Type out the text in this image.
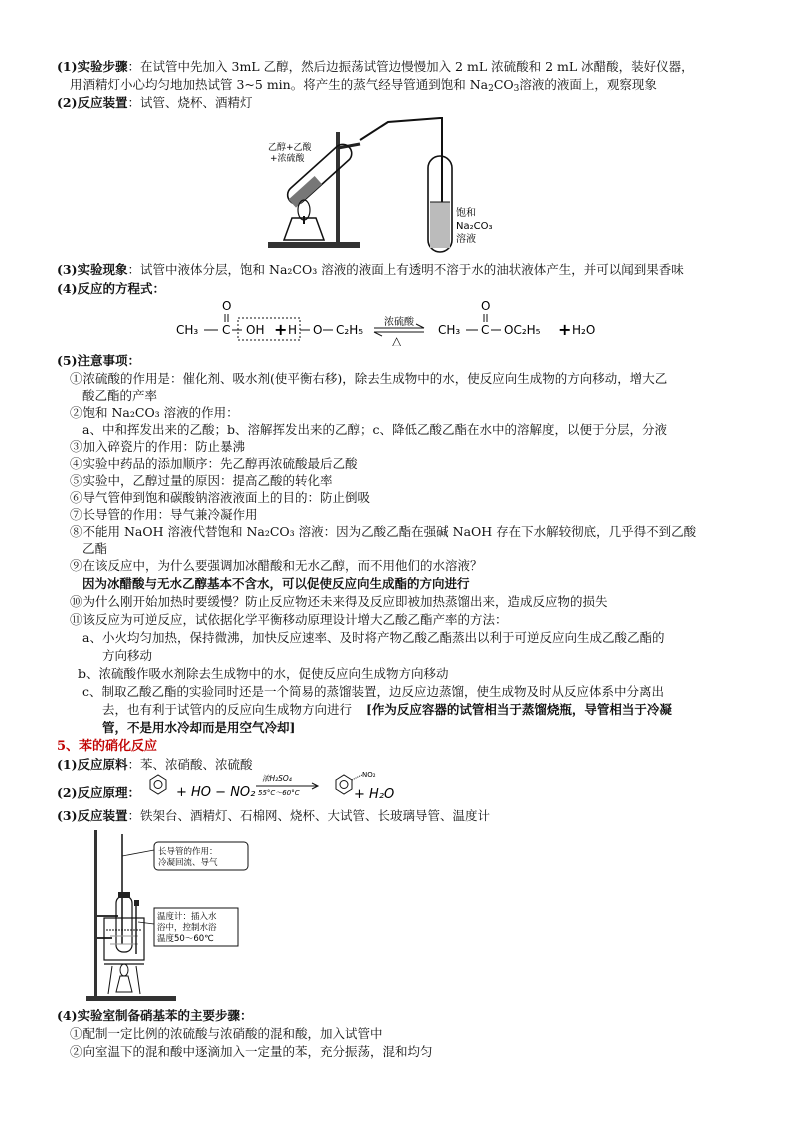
(1)实验步骤：在试管中先加入 3mL 乙醇，然后边振荡试管边慢慢加入 2 mL 浓硫酸和 2 mL 冰醋酸，装好仪器，
用酒精灯小心均匀地加热试管 3~5 min。将产生的蒸气经导管通到饱和 $Na_2CO_3$溶液的液面上，观察现象
(2)反应装置：试管、烧杯、酒精灯
乙醇+乙酸
+浓硫酸
饱和
Na₂CO₃
溶液
(3)实验现象：试管中液体分层，饱和 Na₂CO₃ 溶液的液面上有透明不溶于水的油状液体产生，并可以闻到果香味
(4)反应的方程式：
CH₃ C
O
OH + H O C₂H₅
浓硫酸
△
CH₃ C
O
OC₂H₅ + H₂O
(5)注意事项：
①浓硫酸的作用是：催化剂、吸水剂(使平衡右移)，除去生成物中的水，使反应向生成物的方向移动，增大乙
酸乙酯的产率
②饱和 Na₂CO₃ 溶液的作用：
a、中和挥发出来的乙酸；b、溶解挥发出来的乙醇；c、降低乙酸乙酯在水中的溶解度，以便于分层，分液
③加入碎瓷片的作用：防止暴沸
④实验中药品的添加顺序：先乙醇再浓硫酸最后乙酸
⑤实验中，乙醇过量的原因：提高乙酸的转化率
⑥导气管伸到饱和碳酸钠溶液液面上的目的：防止倒吸
⑦长导管的作用：导气兼冷凝作用
⑧不能用 NaOH 溶液代替饱和 Na₂CO₃ 溶液：因为乙酸乙酯在强碱 NaOH 存在下水解较彻底，几乎得不到乙酸
乙酯
⑨在该反应中，为什么要强调加冰醋酸和无水乙醇，而不用他们的水溶液？
因为冰醋酸与无水乙醇基本不含水，可以促使反应向生成酯的方向进行
⑩为什么刚开始加热时要缓慢？防止反应物还未来得及反应即被加热蒸馏出来，造成反应物的损失
⑪该反应为可逆反应，试依据化学平衡移动原理设计增大乙酸乙酯产率的方法：
a、小火均匀加热，保持微沸，加快反应速率、及时将产物乙酸乙酯蒸出以利于可逆反应向生成乙酸乙酯的
方向移动
b、浓硫酸作吸水剂除去生成物中的水，促使反应向生成物方向移动
c、制取乙酸乙酯的实验同时还是一个简易的蒸馏装置，边反应边蒸馏，使生成物及时从反应体系中分离出
去，也有利于试管内的反应向生成物方向进行 [作为反应容器的试管相当于蒸馏烧瓶，导管相当于冷凝
管，不是用水冷却而是用空气冷却]
5、苯的硝化反应
(1)反应原料：苯、浓硝酸、浓硫酸
(2)反应原理：	+ HO − NO₂
浓H₂SO₄
55°C～60°C
NO₂
+ H₂O
(3)反应装置：铁架台、酒精灯、石棉网、烧杯、大试管、长玻璃导管、温度计
长导管的作用：
冷凝回流、导气
温度计：插入水
浴中，控制水浴
温度50～60℃
(4)实验室制备硝基苯的主要步骤：
①配制一定比例的浓硫酸与浓硝酸的混和酸，加入试管中
②向室温下的混和酸中逐滴加入一定量的苯，充分振荡，混和均匀
